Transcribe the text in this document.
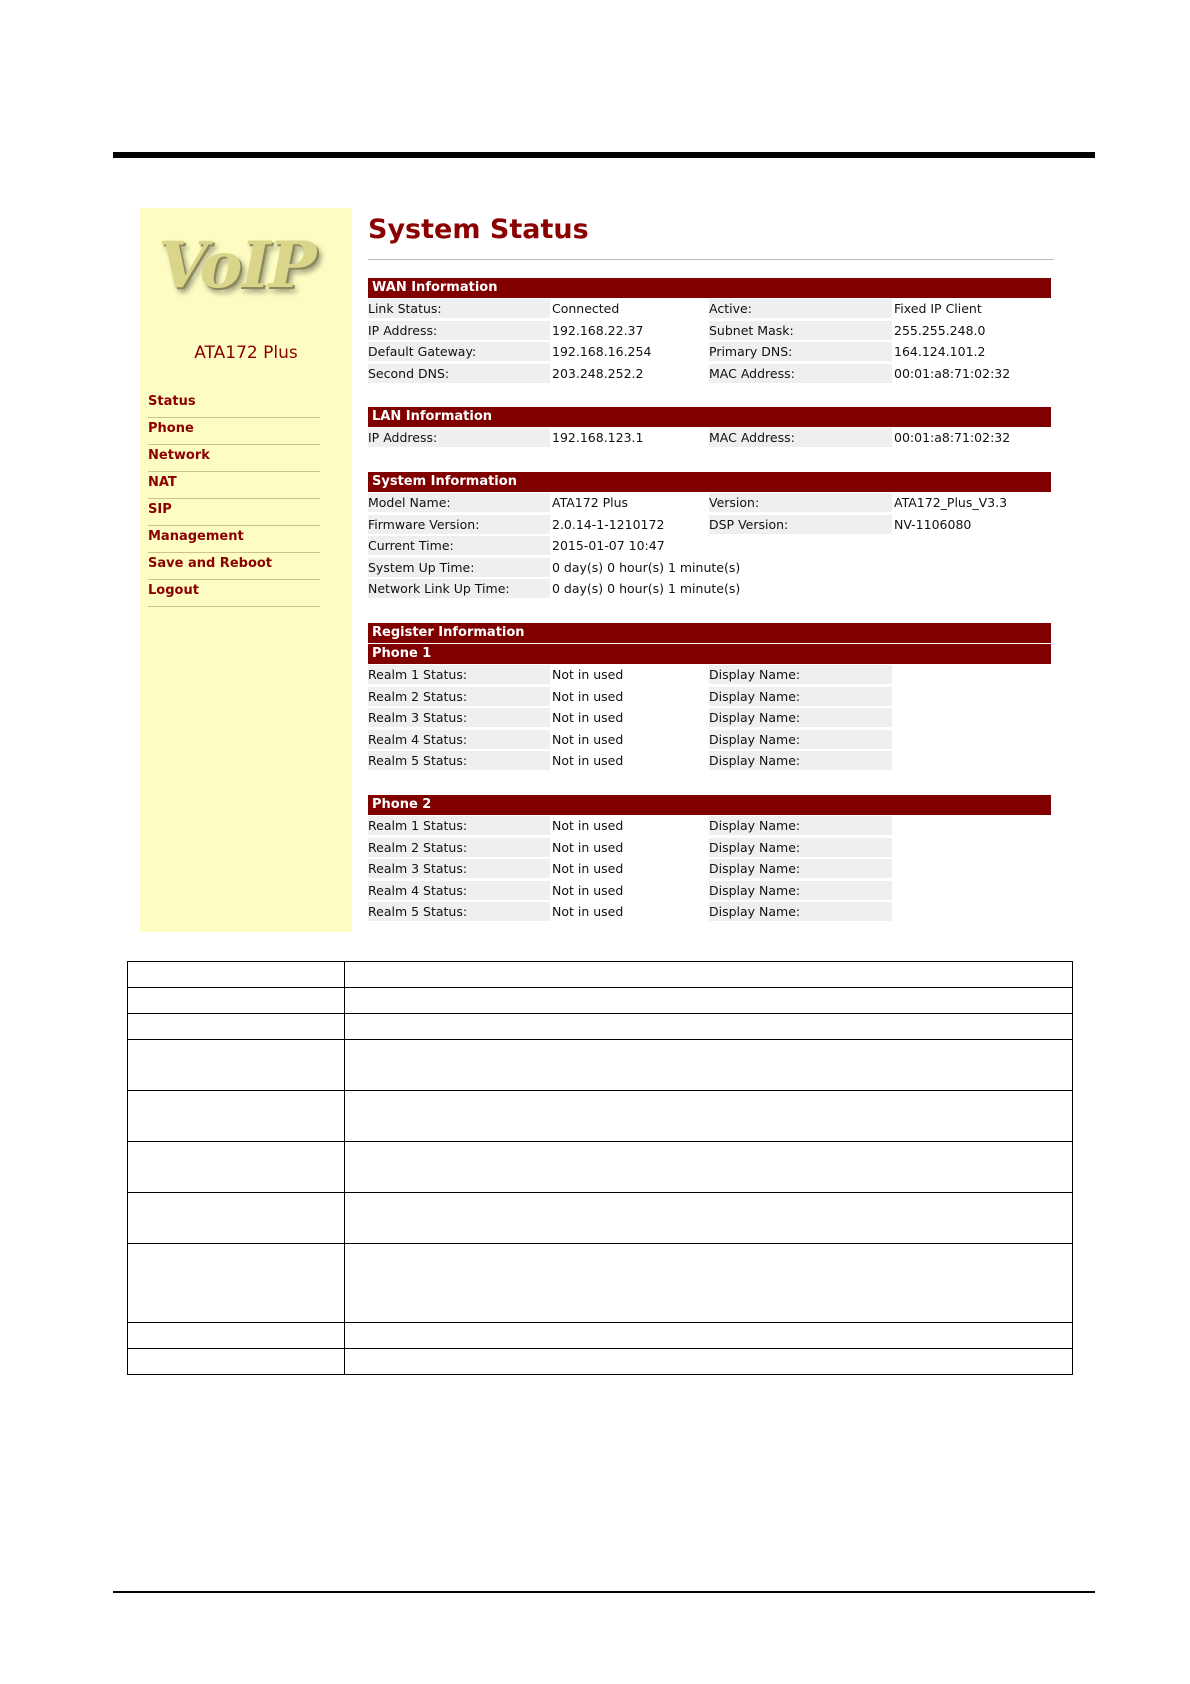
VoIP
ATA172 Plus
Status
Phone
Network
NAT
SIP
Management
Save and Reboot
Logout
System Status
WAN Information
Link Status:	Connected	Active:	Fixed IP Client
IP Address:	192.168.22.37	Subnet Mask:	255.255.248.0
Default Gateway:	192.168.16.254	Primary DNS:	164.124.101.2
Second DNS:	203.248.252.2	MAC Address:	00:01:a8:71:02:32
LAN Information
IP Address:	192.168.123.1	MAC Address:	00:01:a8:71:02:32
System Information
Model Name:	ATA172 Plus	Version:	ATA172_Plus_V3.3
Firmware Version:	2.0.14-1-1210172	DSP Version:	NV-1106080
Current Time:	2015-01-07 10:47
System Up Time:	0 day(s) 0 hour(s) 1 minute(s)
Network Link Up Time:	0 day(s) 0 hour(s) 1 minute(s)
Register Information
Phone 1
Realm 1 Status:	Not in used	Display Name:
Realm 2 Status:	Not in used	Display Name:
Realm 3 Status:	Not in used	Display Name:
Realm 4 Status:	Not in used	Display Name:
Realm 5 Status:	Not in used	Display Name:
Phone 2
Realm 1 Status:	Not in used	Display Name:
Realm 2 Status:	Not in used	Display Name:
Realm 3 Status:	Not in used	Display Name:
Realm 4 Status:	Not in used	Display Name:
Realm 5 Status:	Not in used	Display Name:
